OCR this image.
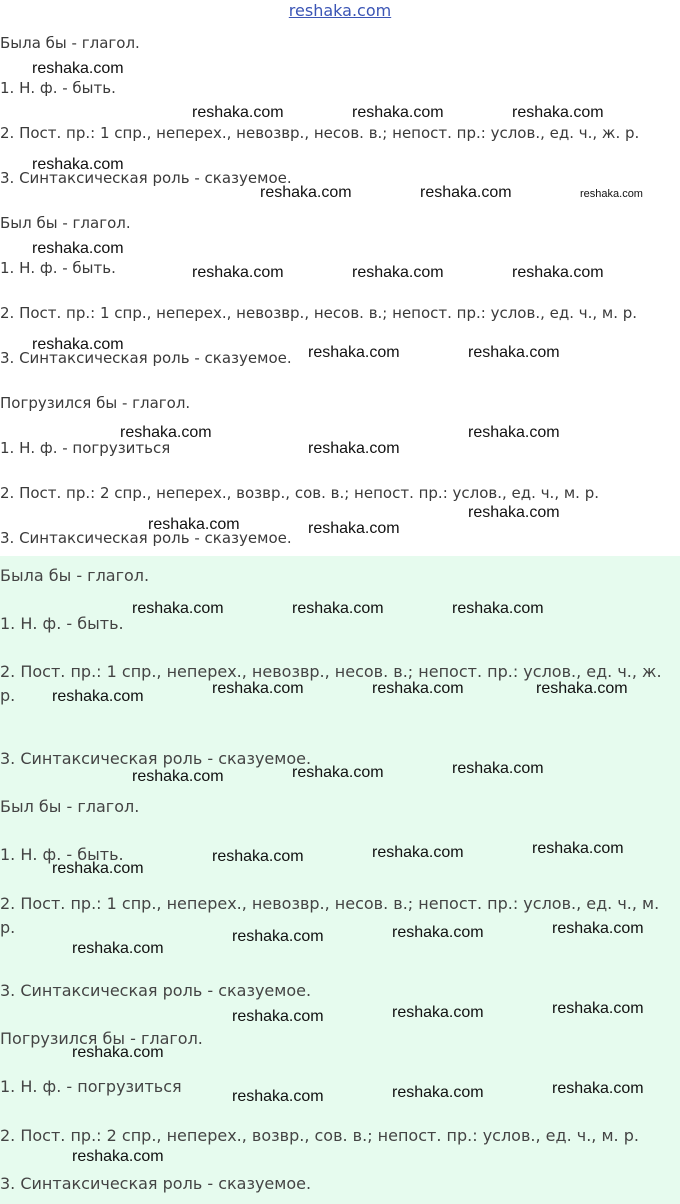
reshaka.com
Была бы - глагол.
1. Н. ф. - быть.
2. Пост. пр.: 1 спр., неперех., невозвр., несов. в.; непост. пр.: услов., ед. ч., ж. р.
3. Синтаксическая роль - сказуемое.
Был бы - глагол.
1. Н. ф. - быть.
2. Пост. пр.: 1 спр., неперех., невозвр., несов. в.; непост. пр.: услов., ед. ч., м. р.
3. Синтаксическая роль - сказуемое.
Погрузился бы - глагол.
1. Н. ф. - погрузиться
2. Пост. пр.: 2 спр., неперех., возвр., сов. в.; непост. пр.: услов., ед. ч., м. р.
3. Синтаксическая роль - сказуемое.
Была бы - глагол.
1. Н. ф. - быть.
2. Пост. пр.: 1 спр., неперех., невозвр., несов. в.; непост. пр.: услов., ед. ч., ж. р.
3. Синтаксическая роль - сказуемое.
Был бы - глагол.
1. Н. ф. - быть.
2. Пост. пр.: 1 спр., неперех., невозвр., несов. в.; непост. пр.: услов., ед. ч., м. р.
3. Синтаксическая роль - сказуемое.
Погрузился бы - глагол.
1. Н. ф. - погрузиться
2. Пост. пр.: 2 спр., неперех., возвр., сов. в.; непост. пр.: услов., ед. ч., м. р.
3. Синтаксическая роль - сказуемое.
reshaka.com
reshaka.com	reshaka.com	reshaka.com
reshaka.com
reshaka.com	reshaka.com	reshaka.com
reshaka.com
reshaka.com	reshaka.com	reshaka.com
reshaka.com	reshaka.com	reshaka.com
reshaka.com	reshaka.com
reshaka.com
reshaka.com
reshaka.com	reshaka.com
reshaka.com	reshaka.com	reshaka.com
reshaka.com	reshaka.com	reshaka.com
reshaka.com
reshaka.com	reshaka.com
reshaka.com
reshaka.com
reshaka.com
reshaka.com
reshaka.com
reshaka.com
reshaka.com
reshaka.com
reshaka.com
reshaka.com
reshaka.com
reshaka.com
reshaka.com
reshaka.com
reshaka.com
reshaka.com
reshaka.com
